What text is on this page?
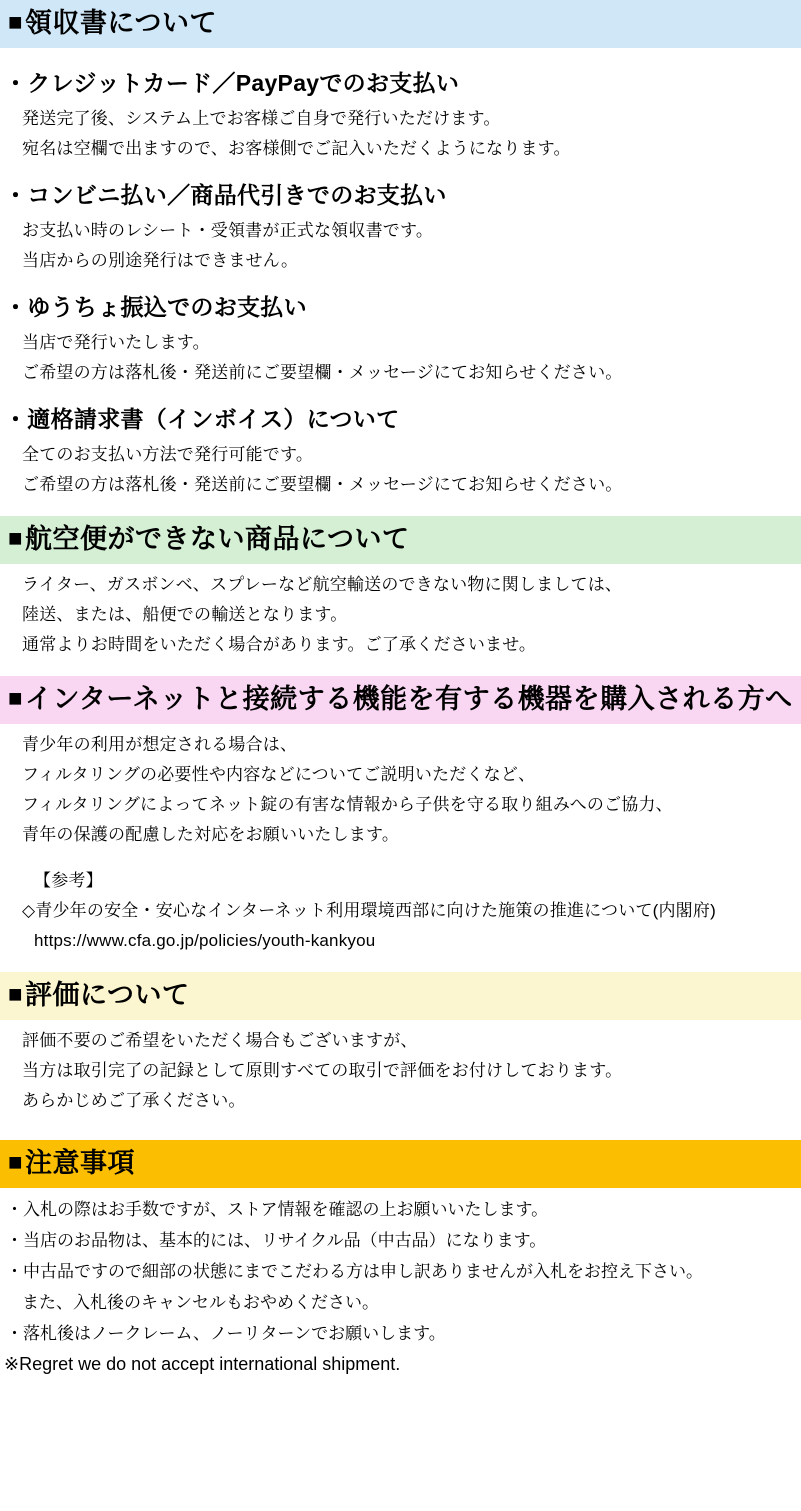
■領収書について
・クレジットカード／PayPayでのお支払い
発送完了後、システム上でお客様ご自身で発行いただけます。
宛名は空欄で出ますので、お客様側でご記入いただくようになります。
・コンビニ払い／商品代引きでのお支払い
お支払い時のレシート・受領書が正式な領収書です。
当店からの別途発行はできません。
・ゆうちょ振込でのお支払い
当店で発行いたします。
ご希望の方は落札後・発送前にご要望欄・メッセージにてお知らせください。
・適格請求書（インボイス）について
全てのお支払い方法で発行可能です。
ご希望の方は落札後・発送前にご要望欄・メッセージにてお知らせください。
■航空便ができない商品について
ライター、ガスボンベ、スプレーなど航空輸送のできない物に関しましては、
陸送、または、船便での輸送となります。
通常よりお時間をいただく場合があります。ご了承くださいませ。
■インターネットと接続する機能を有する機器を購入される方へ
青少年の利用が想定される場合は、
フィルタリングの必要性や内容などについてご説明いただくなど、
フィルタリングによってネット錠の有害な情報から子供を守る取り組みへのご協力、
青年の保護の配慮した対応をお願いいたします。
【参考】
◇青少年の安全・安心なインターネット利用環境西部に向けた施策の推進について(内閣府)
https://www.cfa.go.jp/policies/youth-kankyou
■評価について
評価不要のご希望をいただく場合もございますが、
当方は取引完了の記録として原則すべての取引で評価をお付けしております。
あらかじめご了承ください。
■注意事項
・入札の際はお手数ですが、ストア情報を確認の上お願いいたします。
・当店のお品物は、基本的には、リサイクル品（中古品）になります。
・中古品ですので細部の状態にまでこだわる方は申し訳ありませんが入札をお控え下さい。
また、入札後のキャンセルもおやめください。
・落札後はノークレーム、ノーリターンでお願いします。
※Regret we do not accept international shipment.
